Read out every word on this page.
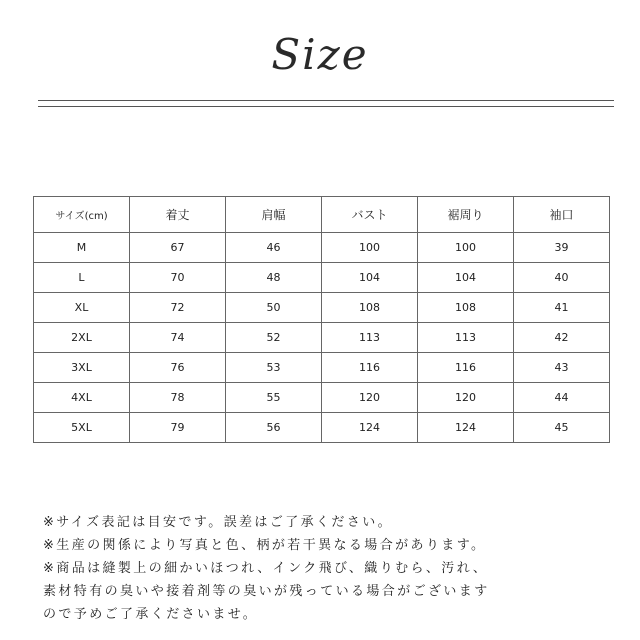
Size
サイズ(cm)	着丈	肩幅	バスト	裾周り	袖口
M	67	46	100	100	39
L	70	48	104	104	40
XL	72	50	108	108	41
2XL	74	52	113	113	42
3XL	76	53	116	116	43
4XL	78	55	120	120	44
5XL	79	56	124	124	45
※サイズ表記は目安です。誤差はご了承ください。
※生産の関係により写真と色、柄が若干異なる場合があります。
※商品は縫製上の細かいほつれ、インク飛び、織りむら、汚れ、
素材特有の臭いや接着剤等の臭いが残っている場合がございます
ので予めご了承くださいませ。
